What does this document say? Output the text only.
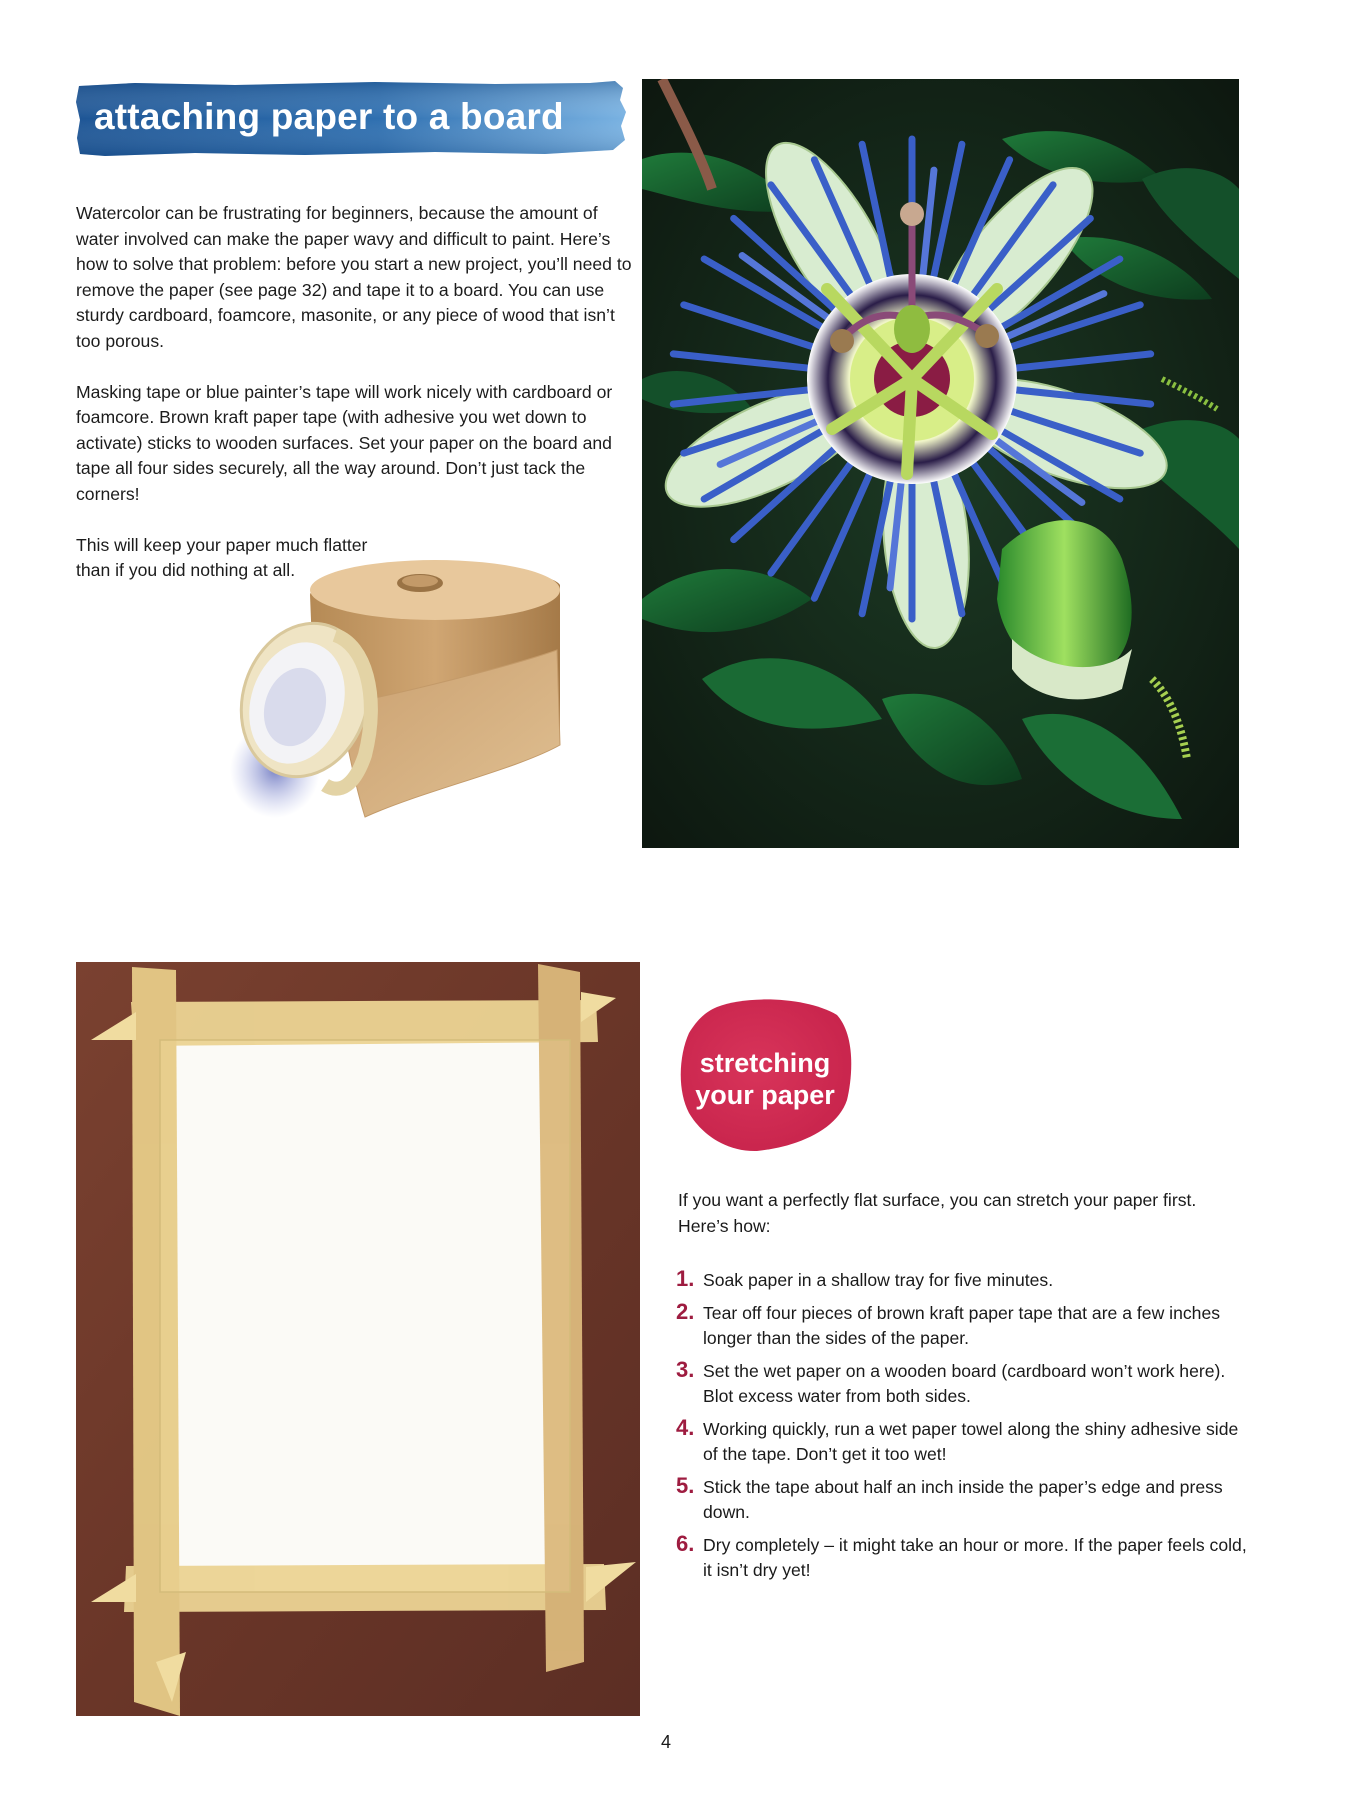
attaching paper to a board

Watercolor can be frustrating for beginners, because the amount of water involved can make the paper wavy and difficult to paint. Here’s how to solve that problem: before you start a new project, you’ll need to remove the paper (see page 32) and tape it to a board. You can use sturdy cardboard, foamcore, masonite, or any piece of wood that isn’t too porous.

Masking tape or blue painter’s tape will work nicely with cardboard or foamcore. Brown kraft paper tape (with adhesive you wet down to activate) sticks to wooden surfaces. Set your paper on the board and tape all four sides securely, all the way around. Don’t just tack the corners!

This will keep your paper much flatter than if you did nothing at all.

stretching
your paper

If you want a perfectly flat surface, you can stretch your paper first. Here’s how:

1. Soak paper in a shallow tray for five minutes.
2. Tear off four pieces of brown kraft paper tape that are a few inches longer than the sides of the paper.
3. Set the wet paper on a wooden board (cardboard won’t work here). Blot excess water from both sides.
4. Working quickly, run a wet paper towel along the shiny adhesive side of the tape. Don’t get it too wet!
5. Stick the tape about half an inch inside the paper’s edge and press down.
6. Dry completely – it might take an hour or more. If the paper feels cold, it isn’t dry yet!
4
